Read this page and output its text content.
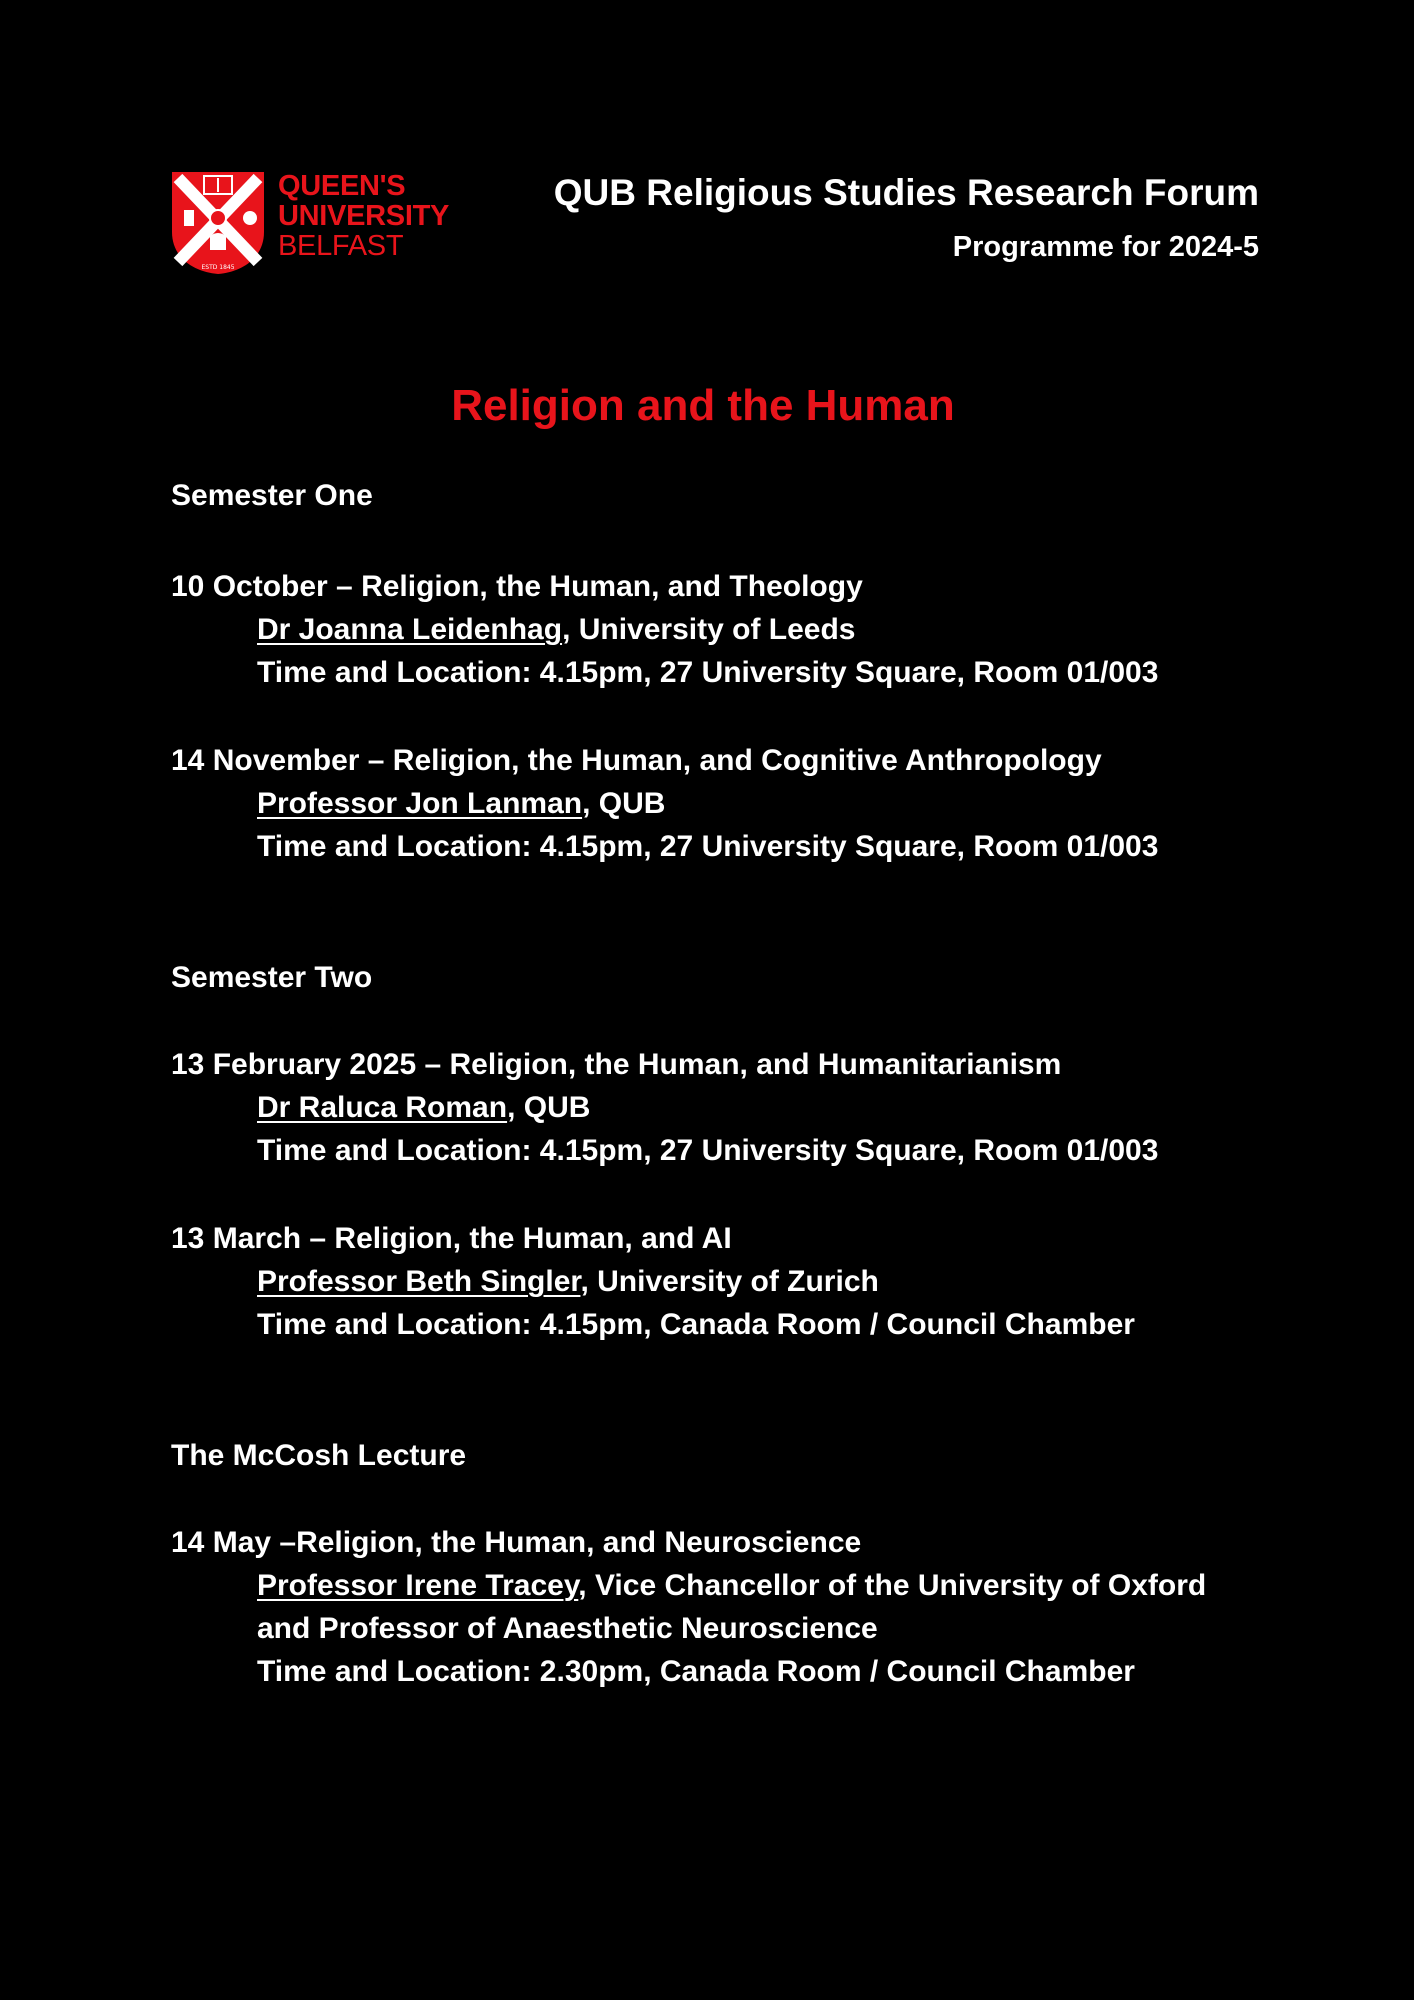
ESTD 1845
QUEEN'S
UNIVERSITY
BELFAST
QUB Religious Studies Research Forum
Programme for 2024-5
Religion and the Human
Semester One
10 October – Religion, the Human, and Theology
Dr Joanna Leidenhag, University of Leeds
Time and Location: 4.15pm, 27 University Square, Room 01/003
14 November – Religion, the Human, and Cognitive Anthropology
Professor Jon Lanman, QUB
Time and Location: 4.15pm, 27 University Square, Room 01/003
Semester Two
13 February 2025 – Religion, the Human, and Humanitarianism
Dr Raluca Roman, QUB
Time and Location: 4.15pm, 27 University Square, Room 01/003
13 March – Religion, the Human, and AI
Professor Beth Singler, University of Zurich
Time and Location: 4.15pm, Canada Room / Council Chamber
The McCosh Lecture
14 May –Religion, the Human, and Neuroscience
Professor Irene Tracey, Vice Chancellor of the University of Oxford
and Professor of Anaesthetic Neuroscience
Time and Location: 2.30pm, Canada Room / Council Chamber
